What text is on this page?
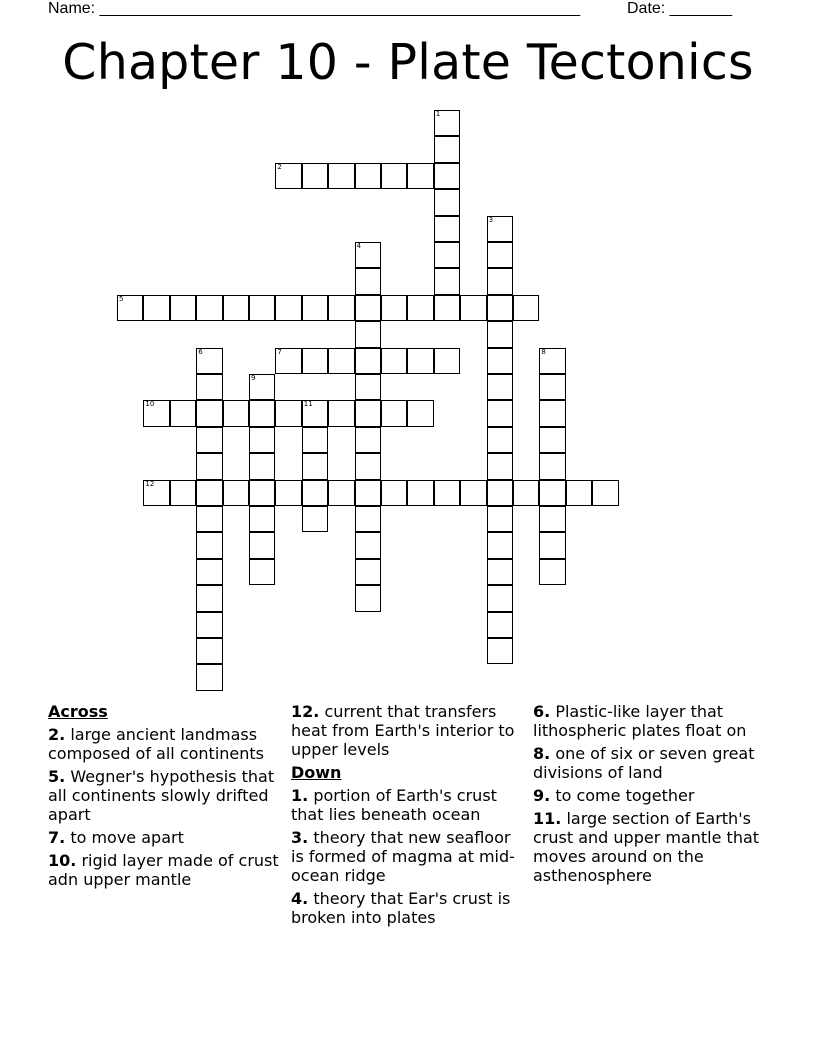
Name: ______________________________________________________	Date: _______
Chapter 10 - Plate Tectonics
1
2
3
4
5
6	7	8
9
10	11
12
Across
2. large ancient landmass composed of all continents
5. Wegner's hypothesis that all continents slowly drifted apart
7. to move apart
10. rigid layer made of crust adn upper mantle
12. current that transfers heat from Earth's interior to upper levels
Down
1. portion of Earth's crust that lies beneath ocean
3. theory that new seafloor is formed of magma at mid-ocean ridge
4. theory that Ear's crust is broken into plates
6. Plastic-like layer that lithospheric plates float on
8. one of six or seven great divisions of land
9. to come together
11. large section of Earth's crust and upper mantle that moves around on the asthenosphere
